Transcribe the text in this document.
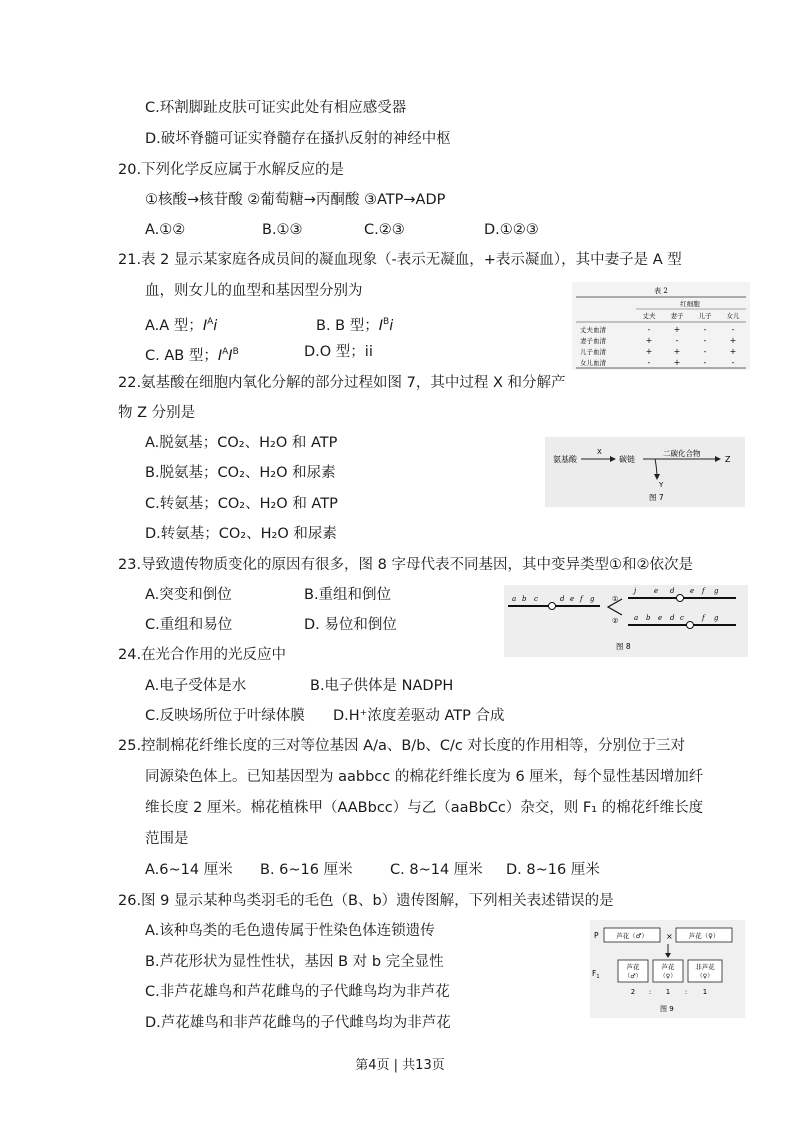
C.环割脚趾皮肤可证实此处有相应感受器
D.破坏脊髓可证实脊髓存在搔扒反射的神经中枢
20.下列化学反应属于水解反应的是
①核酸→核苷酸 ②葡萄糖→丙酮酸 ③ATP→ADP
A.①②	B.①③	C.②③	D.①②③
21.表 2 显示某家庭各成员间的凝血现象（-表示无凝血，+表示凝血），其中妻子是 A 型
血，则女儿的血型和基因型分别为
A.A 型；$I^Ai$	B. B 型；$I^Bi$
C. AB 型；$I^AI^B$	D.O 型；ii
表 2
红细胞
丈夫 妻子 儿子 女儿
丈夫血清	-	+	-	-
妻子血清	+	-	-	+
儿子血清	+	+	-	+
女儿血清	-	+	-	-
22.氨基酸在细胞内氧化分解的部分过程如图 7，其中过程 X 和分解产
物 Z 分别是
A.脱氨基；CO₂、H₂O 和 ATP
B.脱氨基；CO₂、H₂O 和尿素
C.转氨基；CO₂、H₂O 和 ATP
D.转氨基；CO₂、H₂O 和尿素
氨基酸
X
碳链
二碳化合物
Z
Y
图 7
23.导致遗传物质变化的原因有很多，图 8 字母代表不同基因，其中变异类型①和②依次是
A.突变和倒位	B.重组和倒位
C.重组和易位	D. 易位和倒位
a b c	d e f g	①
②
j	e d e f g
a b e d c	f g
图 8
24.在光合作用的光反应中
A.电子受体是水	B.电子供体是 NADPH
C.反映场所位于叶绿体膜 D.H⁺浓度差驱动 ATP 合成
25.控制棉花纤维长度的三对等位基因 A/a、B/b、C/c 对长度的作用相等，分别位于三对
同源染色体上。已知基因型为 aabbcc 的棉花纤维长度为 6 厘米，每个显性基因增加纤
维长度 2 厘米。棉花植株甲（AABbcc）与乙（aaBbCc）杂交，则 F₁ 的棉花纤维长度
范围是
A.6~14 厘米 B. 6~16 厘米	C. 8~14 厘米 D. 8~16 厘米
26.图 9 显示某种鸟类羽毛的毛色（B、b）遗传图解，下列相关表述错误的是
A.该种鸟类的毛色遗传属于性染色体连锁遗传
B.芦花形状为显性性状，基因 B 对 b 完全显性
C.非芦花雄鸟和芦花雌鸟的子代雌鸟均为非芦花
D.芦花雄鸟和非芦花雌鸟的子代雌鸟均为非芦花
P	芦花（♂） × 芦花（♀）
$F_1$
芦花
（♂）
芦花
（♀）
非芦花
（♀）
2 : 1 : 1
图 9
第4页 | 共13页
